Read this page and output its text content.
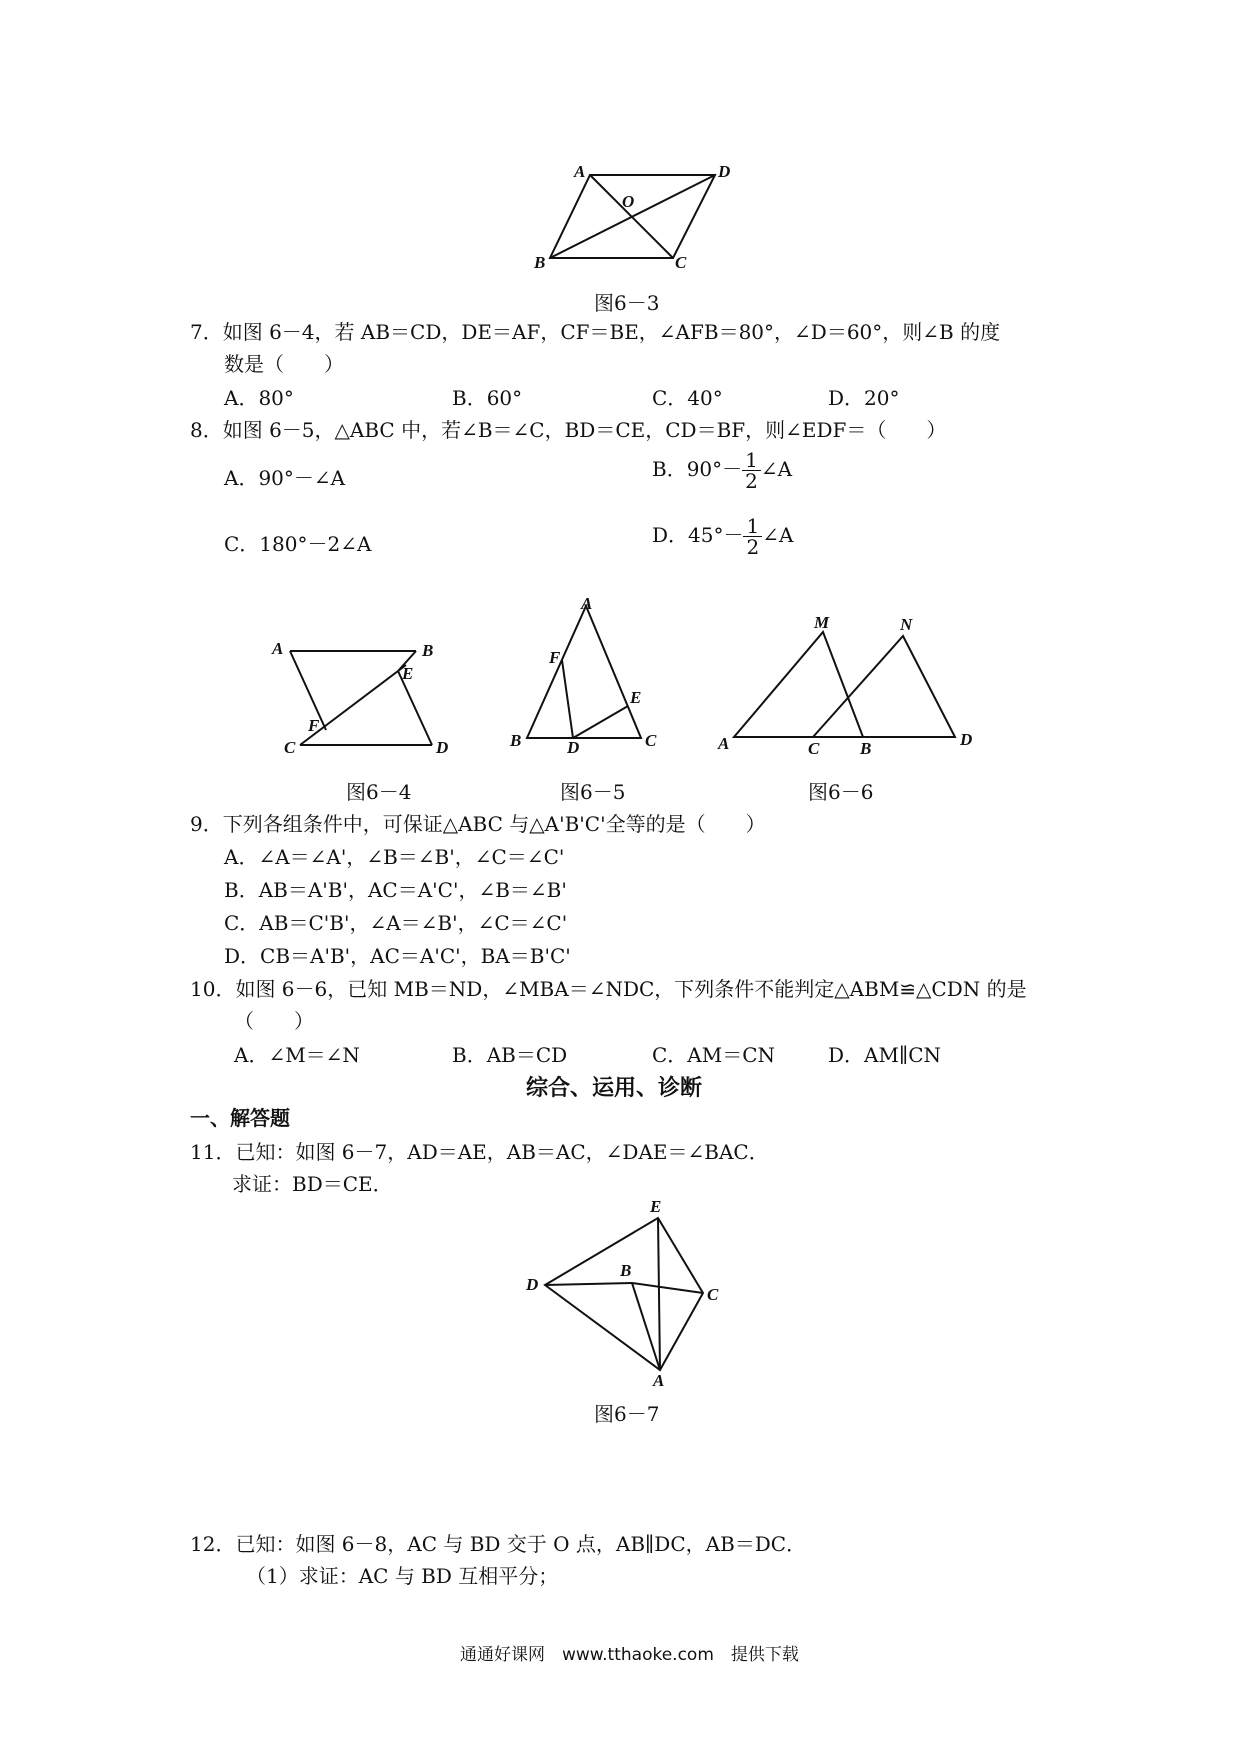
A	D
O
B	C
图6－3
7．如图 6－4，若 AB＝CD，DE＝AF，CF＝BE，∠AFB＝80°，∠D＝60°，则∠B 的度
数是（　　）
A．80°	B．60°	C．40°	D．20°
8．如图 6－5，△ABC 中，若∠B＝∠C，BD＝CE，CD＝BF，则∠EDF＝（　　）
A．90°－∠A	B．$90^\circ- \frac{1}{2}$ ∠A
C．180°－2∠A	D．$45^\circ- \frac{1}{2}$ ∠A
A	B
E
F
C	D
图6－4
A
F
E
B	D	C
图6－5
M	N
A	C B	D
图6－6
9．下列各组条件中，可保证△ABC 与△A'B'C'全等的是（　　）
A．∠A＝∠A'，∠B＝∠B'，∠C＝∠C'
B．AB＝A'B'，AC＝A'C'，∠B＝∠B'
C．AB＝C'B'，∠A＝∠B'，∠C＝∠C'
D．CB＝A'B'，AC＝A'C'，BA＝B'C'
10．如图 6－6，已知 MB＝ND，∠MBA＝∠NDC，下列条件不能判定△ABM≌△CDN 的是
（　　）
A．∠M＝∠N	B．AB＝CD	C．AM＝CN	D．AM∥CN
综合、运用、诊断
一、解答题
11．已知：如图 6－7，AD＝AE，AB＝AC，∠DAE＝∠BAC．
求证：BD＝CE．
E
D
B
C
A
图6－7
12．已知：如图 6－8，AC 与 BD 交于 O 点，AB∥DC，AB＝DC．
（1）求证：AC 与 BD 互相平分；
通通好课网　www.tthaoke.com　提供下载
